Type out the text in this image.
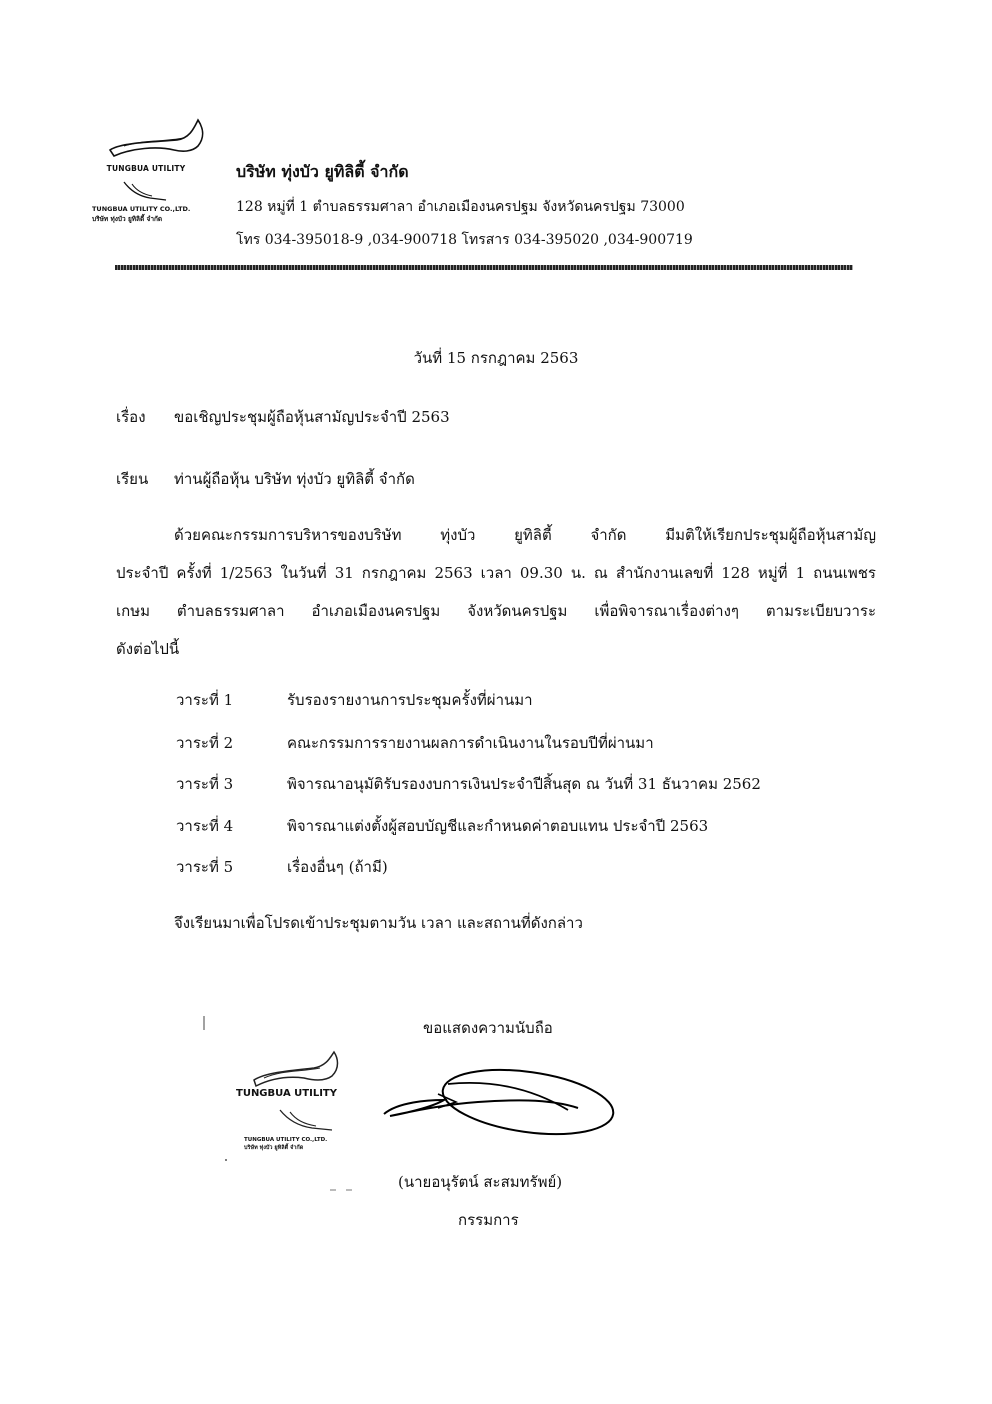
TUNGBUA UTILITY
TUNGBUA UTILITY CO.,LTD.
บริษัท ทุ่งบัว ยูทิลิตี้ จำกัด
บริษัท ทุ่งบัว ยูทิลิตี้ จำกัด
128 หมู่ที่ 1 ตำบลธรรมศาลา อำเภอเมืองนครปฐม จังหวัดนครปฐม 73000
โทร 034-395018-9 ,034-900718 โทรสาร 034-395020 ,034-900719
วันที่ 15 กรกฎาคม 2563
เรื่อง ขอเชิญประชุมผู้ถือหุ้นสามัญประจำปี 2563
เรียน ท่านผู้ถือหุ้น บริษัท ทุ่งบัว ยูทิลิตี้ จำกัด

ด้วยคณะกรรมการบริหารของบริษัท ทุ่งบัว ยูทิลิตี้ จำกัด มีมติให้เรียกประชุมผู้ถือหุ้นสามัญ

ประจำปี ครั้งที่ 1/2563 ในวันที่ 31 กรกฎาคม 2563 เวลา 09.30 น. ณ สำนักงานเลขที่ 128 หมู่ที่ 1 ถนนเพชร

เกษม ตำบลธรรมศาลา อำเภอเมืองนครปฐม จังหวัดนครปฐม เพื่อพิจารณาเรื่องต่างๆ ตามระเบียบวาระ

ดังต่อไปนี้

วาระที่ 1	รับรองรายงานการประชุมครั้งที่ผ่านมา
วาระที่ 2	คณะกรรมการรายงานผลการดำเนินงานในรอบปีที่ผ่านมา
วาระที่ 3	พิจารณาอนุมัติรับรองงบการเงินประจำปีสิ้นสุด ณ วันที่ 31 ธันวาคม 2562
วาระที่ 4	พิจารณาแต่งตั้งผู้สอบบัญชีและกำหนดค่าตอบแทน ประจำปี 2563
วาระที่ 5	เรื่องอื่นๆ (ถ้ามี)
จึงเรียนมาเพื่อโปรดเข้าประชุมตามวัน เวลา และสถานที่ดังกล่าว
ขอแสดงความนับถือ
TUNGBUA UTILITY
TUNGBUA UTILITY CO.,LTD.
บริษัท ทุ่งบัว ยูทิลิตี้ จำกัด
(นายอนุรัตน์ สะสมทรัพย์)
กรรมการ
